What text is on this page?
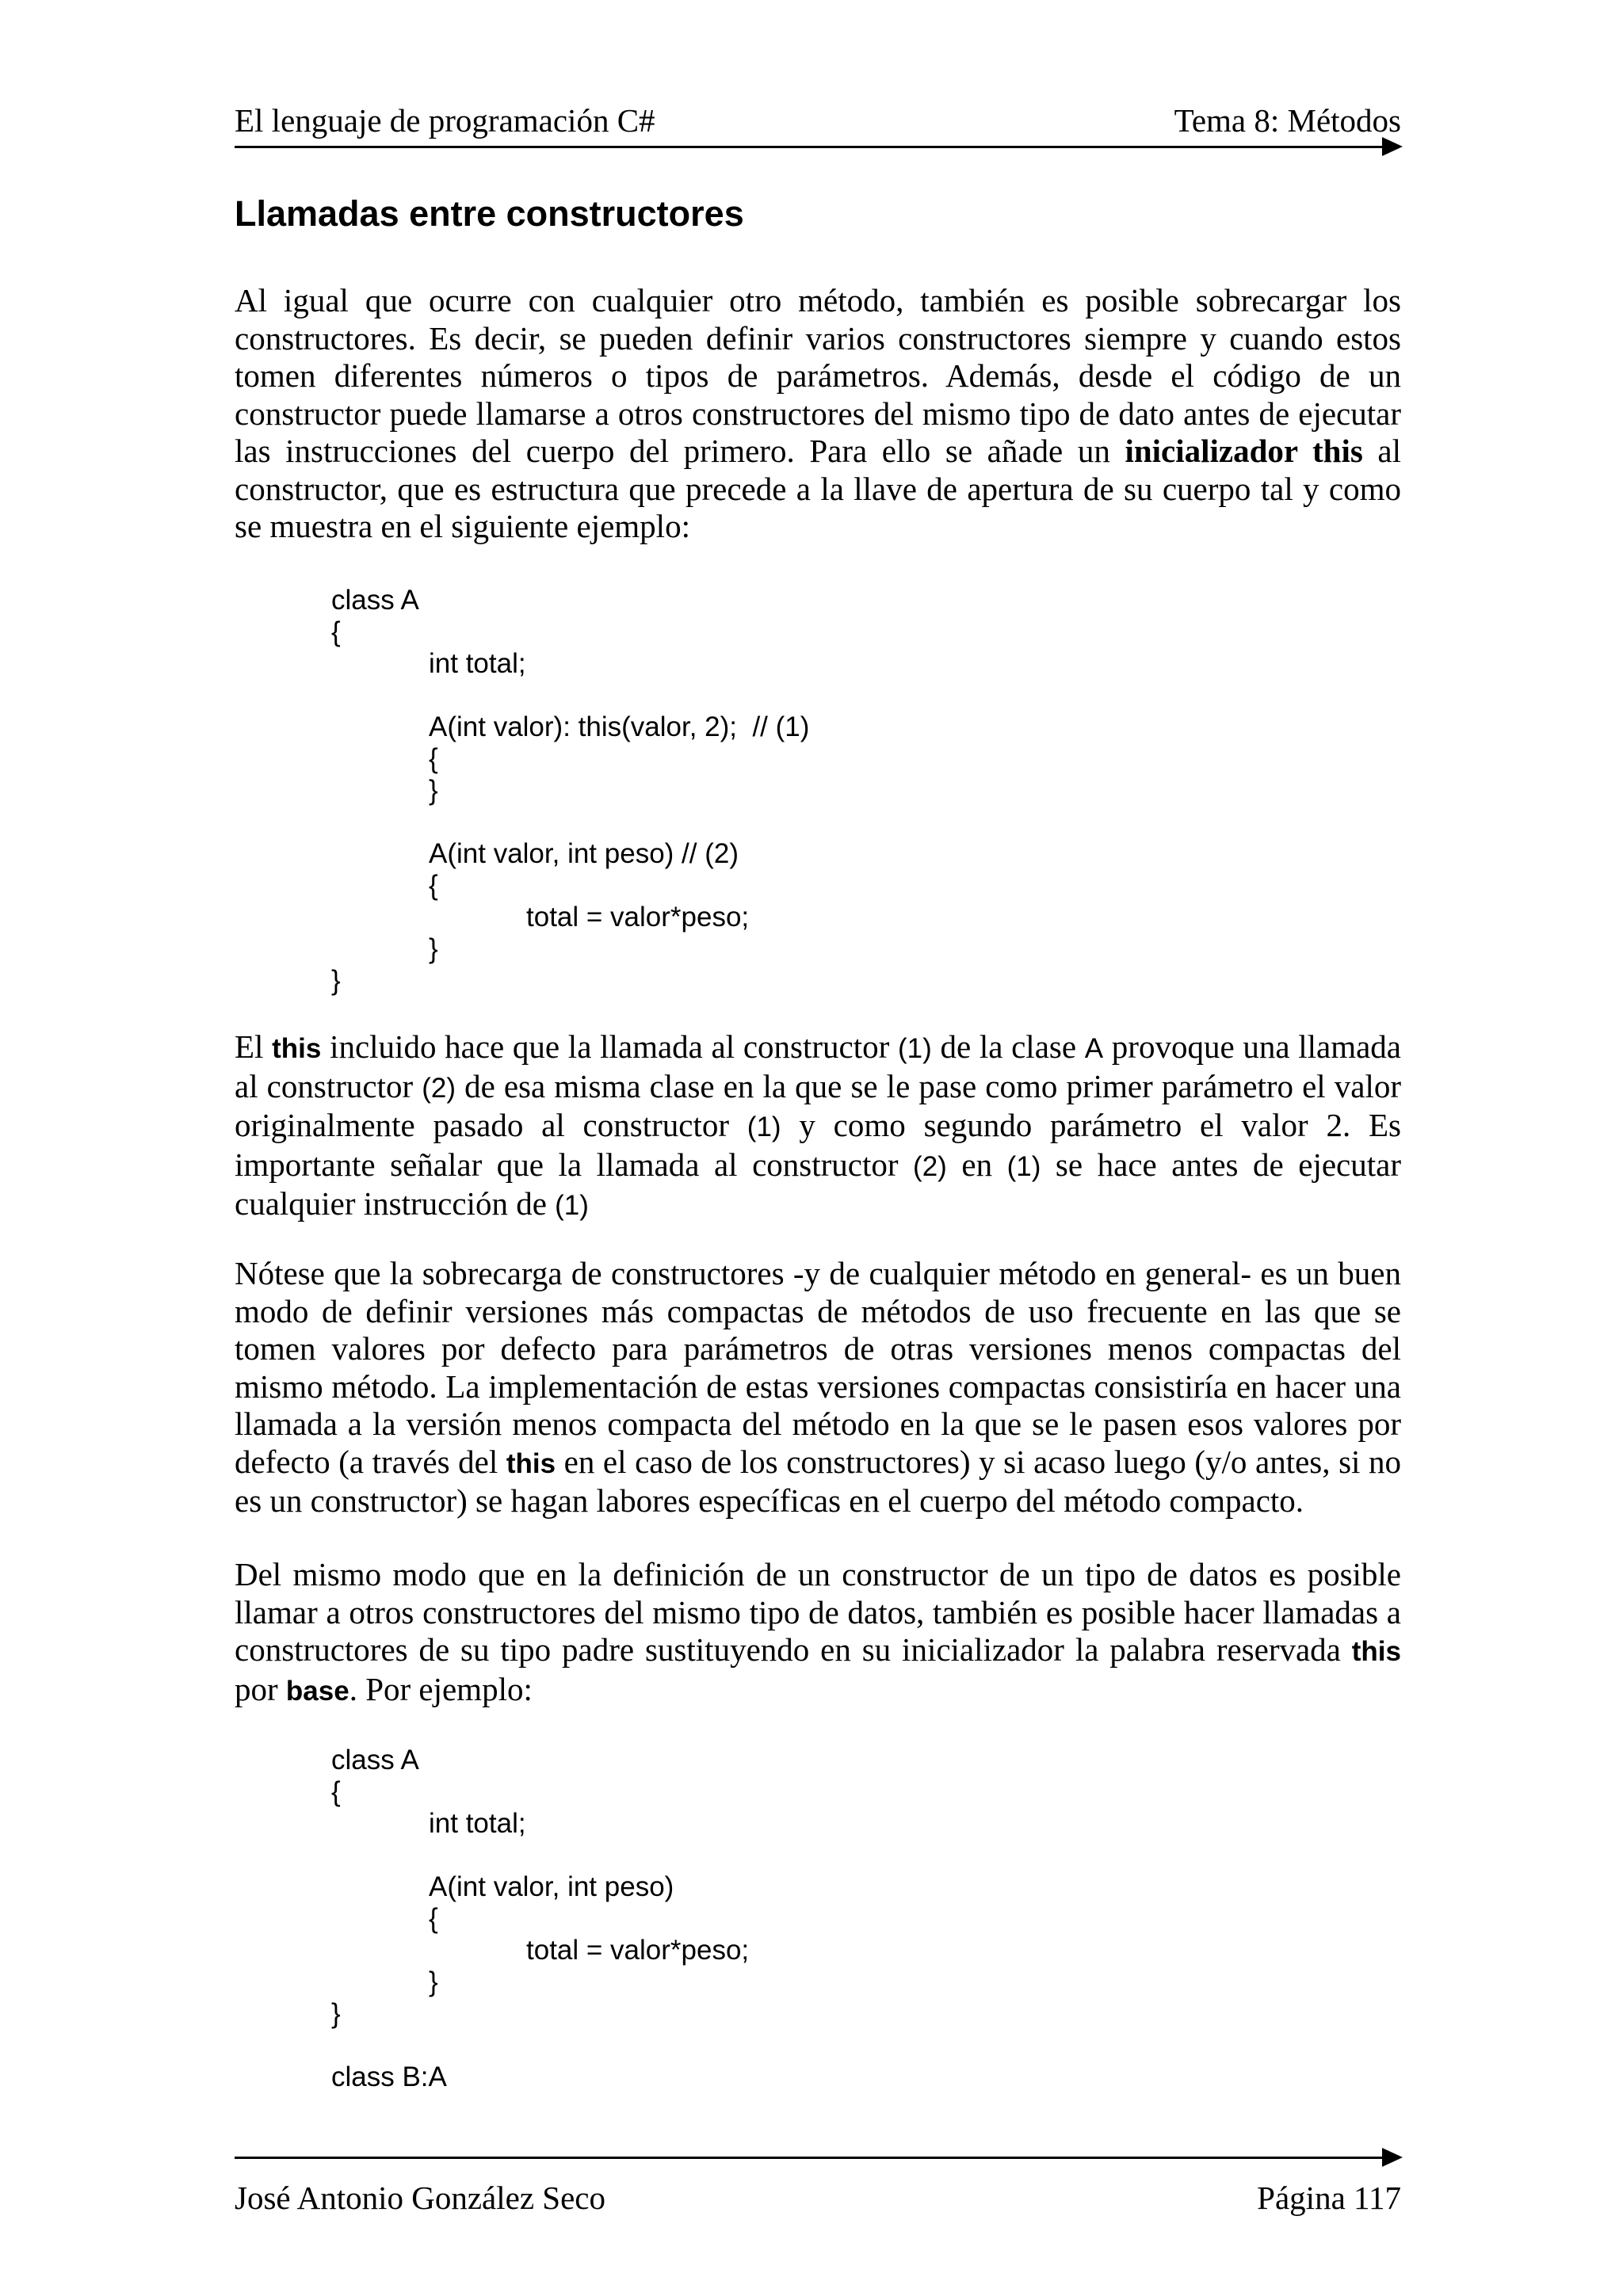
El lenguaje de programación C#	Tema 8: Métodos
Llamadas entre constructores

Al igual que ocurre con cualquier otro método, también es posible sobrecargar los constructores. Es decir, se pueden definir varios constructores siempre y cuando estos tomen diferentes números o tipos de parámetros. Además, desde el código de un constructor puede llamarse a otros constructores del mismo tipo de dato antes de ejecutar las instrucciones del cuerpo del primero. Para ello se añade un inicializador this al constructor, que es estructura que precede a la llave de apertura de su cuerpo tal y como se muestra en el siguiente ejemplo:

class A
{
int total;
A(int valor): this(valor, 2);  // (1)
{
}
A(int valor, int peso) // (2)
{
total = valor*peso;
}
}

El this incluido hace que la llamada al constructor (1) de la clase A provoque una llamada al constructor (2) de esa misma clase en la que se le pase como primer parámetro el valor originalmente pasado al constructor (1) y como segundo parámetro el valor 2. Es importante señalar que la llamada al constructor (2) en (1) se hace antes de ejecutar cualquier instrucción de (1)

Nótese que la sobrecarga de constructores -y de cualquier método en general- es un buen modo de definir versiones más compactas de métodos de uso frecuente en las que se tomen valores por defecto para parámetros de otras versiones menos compactas del mismo método. La implementación de estas versiones compactas consistiría en hacer una llamada a la versión menos compacta del método en la que se le pasen esos valores por defecto (a través del this en el caso de los constructores) y si acaso luego (y/o antes, si no es un constructor) se hagan labores específicas en el cuerpo del método compacto.

Del mismo modo que en la definición de un constructor de un tipo de datos es posible llamar a otros constructores del mismo tipo de datos, también es posible hacer llamadas a constructores de su tipo padre sustituyendo en su inicializador la palabra reservada this por base. Por ejemplo:

class A
{
int total;
A(int valor, int peso)
{
total = valor*peso;
}
}
class B:A
José Antonio González Seco	Página 117
